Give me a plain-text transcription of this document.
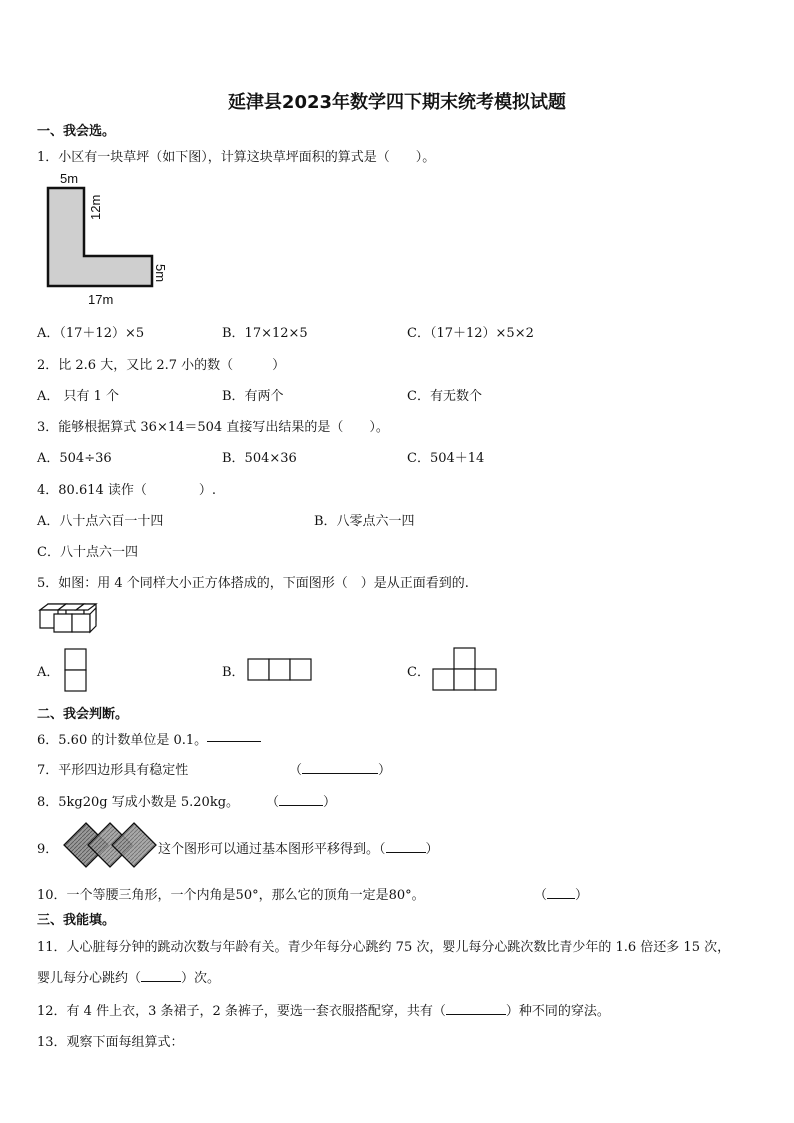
延津县2023年数学四下期末统考模拟试题
一、我会选。
1．小区有一块草坪（如下图），计算这块草坪面积的算式是（　　）。
5m
12m
5m
17m
A．（17＋12）×5	B．17×12×5	C．（17＋12）×5×2
2．比 2.6 大，又比 2.7 小的数（　　　）
A． 只有 1 个	B．有两个	C．有无数个
3．能够根据算式 36×14＝504 直接写出结果的是（　　）。
A．504÷36	B．504×36	C．504＋14
4．80.614 读作（　　　　）.
A．八十点六百一十四	B．八零点六一四
C．八十点六一四
5．如图：用 4 个同样大小正方体搭成的，下面图形（　）是从正面看到的.
A．	B．	C．
二、我会判断。
6．5.60 的计数单位是 0.1。
7．平形四边形具有稳定性	（	）
8．5kg20g 写成小数是 5.20kg。 （	）
9．	这个图形可以通过基本图形平移得到。（	）
10．一个等腰三角形，一个内角是50°，那么它的顶角一定是80°。	（ ）
三、我能填。
11．人心脏每分钟的跳动次数与年龄有关。青少年每分心跳约 75 次，婴儿每分心跳次数比青少年的 1.6 倍还多 15 次，
婴儿每分心跳约（	）次。
12．有 4 件上衣，3 条裙子，2 条裤子，要选一套衣服搭配穿，共有（	）种不同的穿法。
13．观察下面每组算式：
